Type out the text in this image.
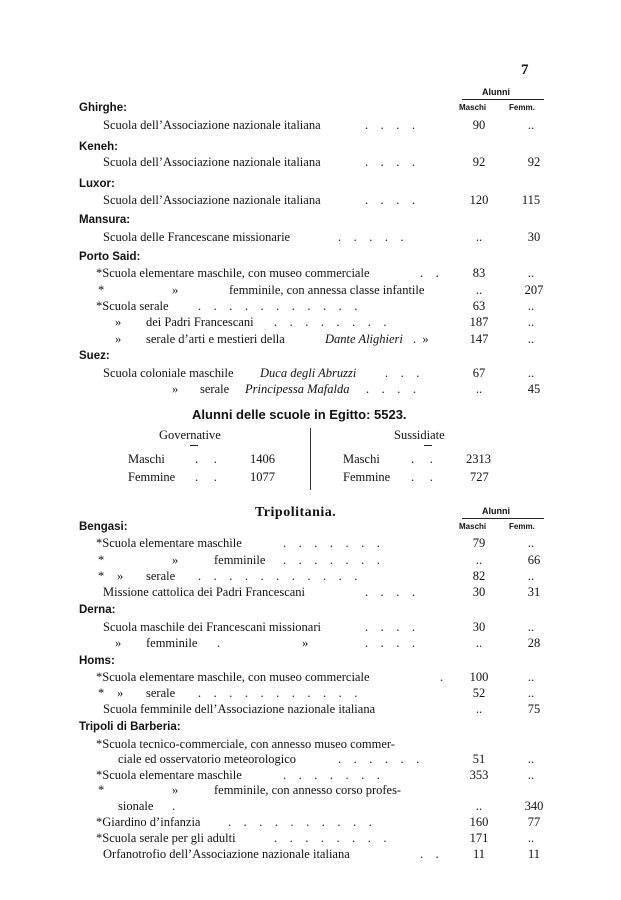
7
Alunni
Maschi	Femm.
Ghirghe:
Scuola dell’Associazione nazionale italiana	.    .    .    .	90	..
Keneh:
Scuola dell’Associazione nazionale italiana	.    .    .    .	92	92
Luxor:
Scuola dell’Associazione nazionale italiana	.    .    .    .	120	115
Mansura:
Scuola delle Francescane missionarie	.    .    .    .    .	..	30
Porto Said:
*Scuola elementare maschile, con museo commerciale	.    .	83	..
*	»	femminile, con annessa classe infantile	..	207
*Scuola serale .    .    .    .    .    .    .    .    .    .    .	63	..
» dei Padri Francescani .    .    .    .    .    .    .    .	187	..
» serale d’arti e mestieri della	Dante Alighieri .  »	147	..
Suez:
Scuola coloniale maschile Duca degli Abruzzi .    .    .	67	..
» serale Principessa Mafalda .    .    .    .	..	45
Alunni delle scuole in Egitto: 5523.
Governative
Maschi .     .	1406
Femmine .     .	1077
Sussidiate
Maschi .     .	2313
Femmine .     .	727
Tripolitania.	Alunni
Maschi	Femm.
Bengasi:
*Scuola elementare maschile	.    .    .    .    .    .    .	79	..
*	»	femminile .    .    .    .    .    .    .	..	66
* » serale .    .    .    .    .    .    .    .    .    .    .	82	..
Missione cattolica dei Padri Francescani	.    .    .    .	30	31
Derna:
Scuola maschile dei Francescani missionari	.    .    .    .	30	..
» femminile .	»	.    .    .    .	..	28
Homs:
*Scuola elementare maschile, con museo commerciale	.	100	..
* » serale .    .    .    .    .    .    .    .    .    .    .	52	..
Scuola femminile dell’Associazione nazionale italiana	..	75
Tripoli di Barberia:
*Scuola tecnico-commerciale, con annesso museo commer-
ciale ed osservatorio meteorologico	.    .    .    .    .    .	51	..
*Scuola elementare maschile	.    .    .    .    .    .    .	353	..
*	»	femminile, con annesso corso profes-
sionale .	..	340
*Giardino d’infanzia .    .    .    .    .    .    .    .    .    .	160	77
*Scuola serale per gli adulti	.    .    .    .    .    .    .    .	171	..
Orfanotrofio dell’Associazione nazionale italiana	.    .	11	11
